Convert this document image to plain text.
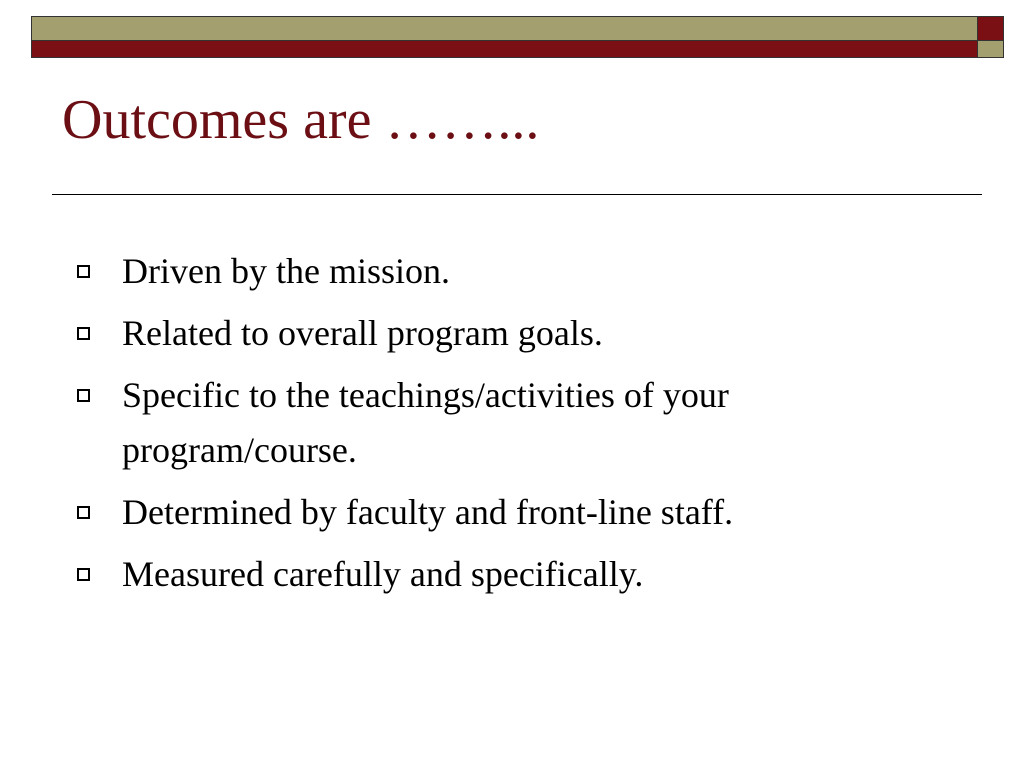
Outcomes are ……...
Driven by the mission.
Related to overall program goals.
Specific to the teachings/activities of your program/course.
Determined by faculty and front-line staff.
Measured carefully and specifically.
